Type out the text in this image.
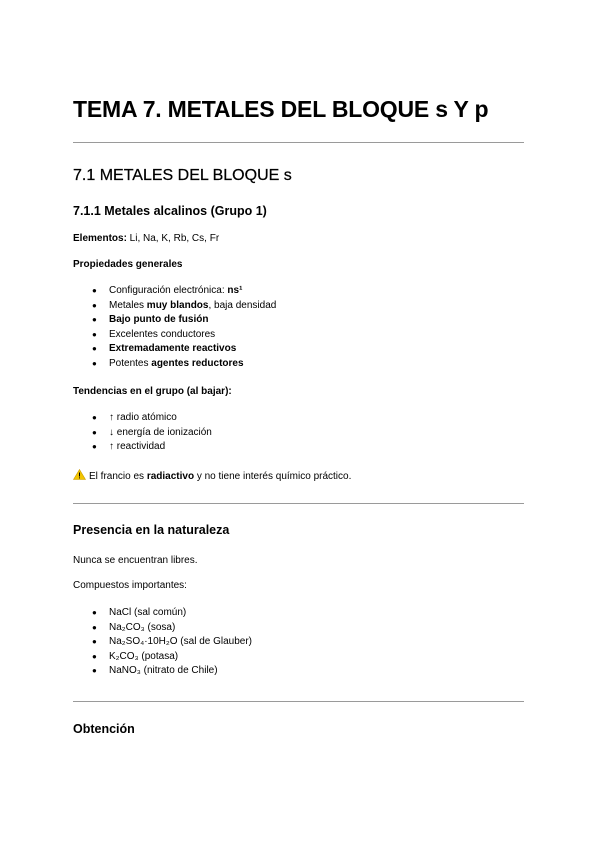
TEMA 7. METALES DEL BLOQUE s Y p
7.1 METALES DEL BLOQUE s
7.1.1 Metales alcalinos (Grupo 1)

Elementos: Li, Na, K, Rb, Cs, Fr

Propiedades generales

● Configuración electrónica: ns¹
● Metales muy blandos, baja densidad
● Bajo punto de fusión
● Excelentes conductores
● Extremadamente reactivos
● Potentes agentes reductores

Tendencias en el grupo (al bajar):

● ↑ radio atómico
● ↓ energía de ionización
● ↑ reactividad

El francio es radiactivo y no tiene interés químico práctico.

Presencia en la naturaleza

Nunca se encuentran libres.

Compuestos importantes:

● NaCl (sal común)
● Na₂CO₃ (sosa)
● Na₂SO₄·10H₂O (sal de Glauber)
● K₂CO₃ (potasa)
● NaNO₃ (nitrato de Chile)
Obtención
